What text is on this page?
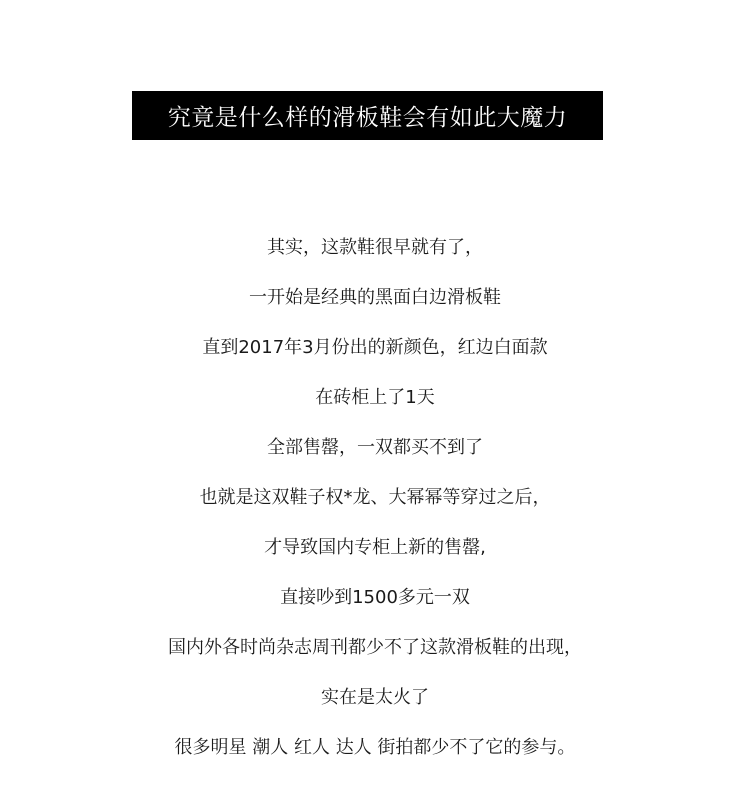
究竟是什么样的滑板鞋会有如此大魔力
其实，这款鞋很早就有了，
一开始是经典的黑面白边滑板鞋
直到2017年3月份出的新颜色，红边白面款
在砖柜上了1天
全部售罄，一双都买不到了
也就是这双鞋子权*龙、大幂幂等穿过之后，
才导致国内专柜上新的售罄,
直接吵到1500多元一双
国内外各时尚杂志周刊都少不了这款滑板鞋的出现，
实在是太火了
很多明星 潮人 红人 达人 街拍都少不了它的参与。
